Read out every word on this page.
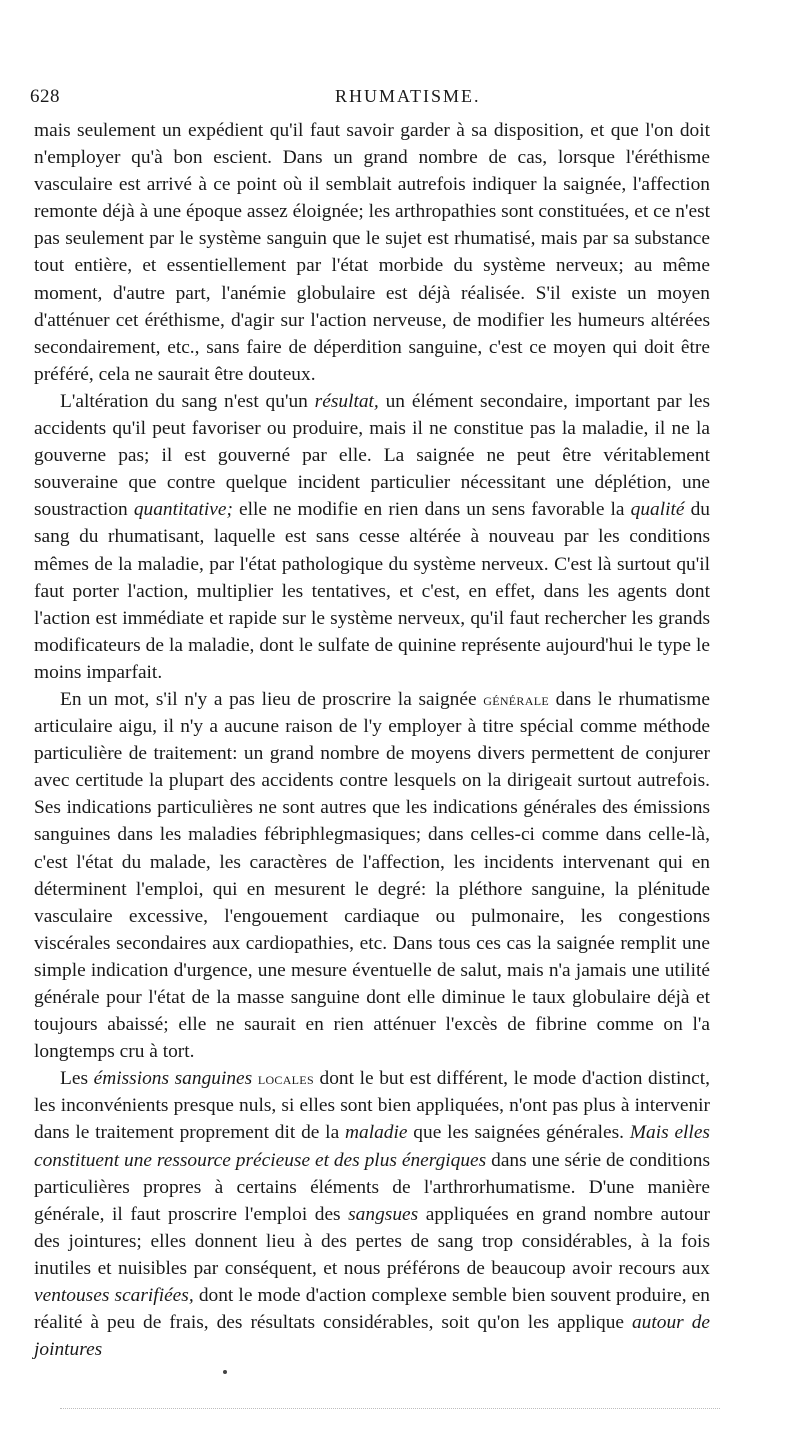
628	RHUMATISME.

mais seulement un expédient qu'il faut savoir garder à sa disposition, et que l'on doit n'employer qu'à bon escient. Dans un grand nombre de cas, lorsque l'éréthisme vasculaire est arrivé à ce point où il semblait autrefois indiquer la saignée, l'affection remonte déjà à une époque assez éloignée; les arthropathies sont constituées, et ce n'est pas seulement par le système sanguin que le sujet est rhumatisé, mais par sa substance tout entière, et essentiellement par l'état morbide du système nerveux; au même moment, d'autre part, l'anémie globulaire est déjà réalisée. S'il existe un moyen d'atténuer cet éréthisme, d'agir sur l'action nerveuse, de modifier les humeurs altérées secondairement, etc., sans faire de déperdition sanguine, c'est ce moyen qui doit être préféré, cela ne saurait être douteux.

L'altération du sang n'est qu'un résultat, un élément secondaire, important par les accidents qu'il peut favoriser ou produire, mais il ne constitue pas la maladie, il ne la gouverne pas; il est gouverné par elle. La saignée ne peut être véritablement souveraine que contre quelque incident particulier nécessitant une déplétion, une soustraction quantitative; elle ne modifie en rien dans un sens favorable la qualité du sang du rhumatisant, laquelle est sans cesse altérée à nouveau par les conditions mêmes de la maladie, par l'état pathologique du système nerveux. C'est là surtout qu'il faut porter l'action, multiplier les tentatives, et c'est, en effet, dans les agents dont l'action est immédiate et rapide sur le système nerveux, qu'il faut rechercher les grands modificateurs de la maladie, dont le sulfate de quinine représente aujourd'hui le type le moins imparfait.

En un mot, s'il n'y a pas lieu de proscrire la saignée générale dans le rhumatisme articulaire aigu, il n'y a aucune raison de l'y employer à titre spécial comme méthode particulière de traitement: un grand nombre de moyens divers permettent de conjurer avec certitude la plupart des accidents contre lesquels on la dirigeait surtout autrefois. Ses indications particulières ne sont autres que les indications générales des émissions sanguines dans les maladies fébriphlegmasiques; dans celles-ci comme dans celle-là, c'est l'état du malade, les caractères de l'affection, les incidents intervenant qui en déterminent l'emploi, qui en mesurent le degré: la pléthore sanguine, la plénitude vasculaire excessive, l'engouement cardiaque ou pulmonaire, les congestions viscérales secondaires aux cardiopathies, etc. Dans tous ces cas la saignée remplit une simple indication d'urgence, une mesure éventuelle de salut, mais n'a jamais une utilité générale pour l'état de la masse sanguine dont elle diminue le taux globulaire déjà et toujours abaissé; elle ne saurait en rien atténuer l'excès de fibrine comme on l'a longtemps cru à tort.

Les émissions sanguines locales dont le but est différent, le mode d'action distinct, les inconvénients presque nuls, si elles sont bien appliquées, n'ont pas plus à intervenir dans le traitement proprement dit de la maladie que les saignées générales. Mais elles constituent une ressource précieuse et des plus énergiques dans une série de conditions particulières propres à certains éléments de l'arthrorhumatisme. D'une manière générale, il faut proscrire l'emploi des sangsues appliquées en grand nombre autour des jointures; elles donnent lieu à des pertes de sang trop considérables, à la fois inutiles et nuisibles par conséquent, et nous préférons de beaucoup avoir recours aux ventouses scarifiées, dont le mode d'action complexe semble bien souvent produire, en réalité à peu de frais, des résultats considérables, soit qu'on les applique autour de jointures
